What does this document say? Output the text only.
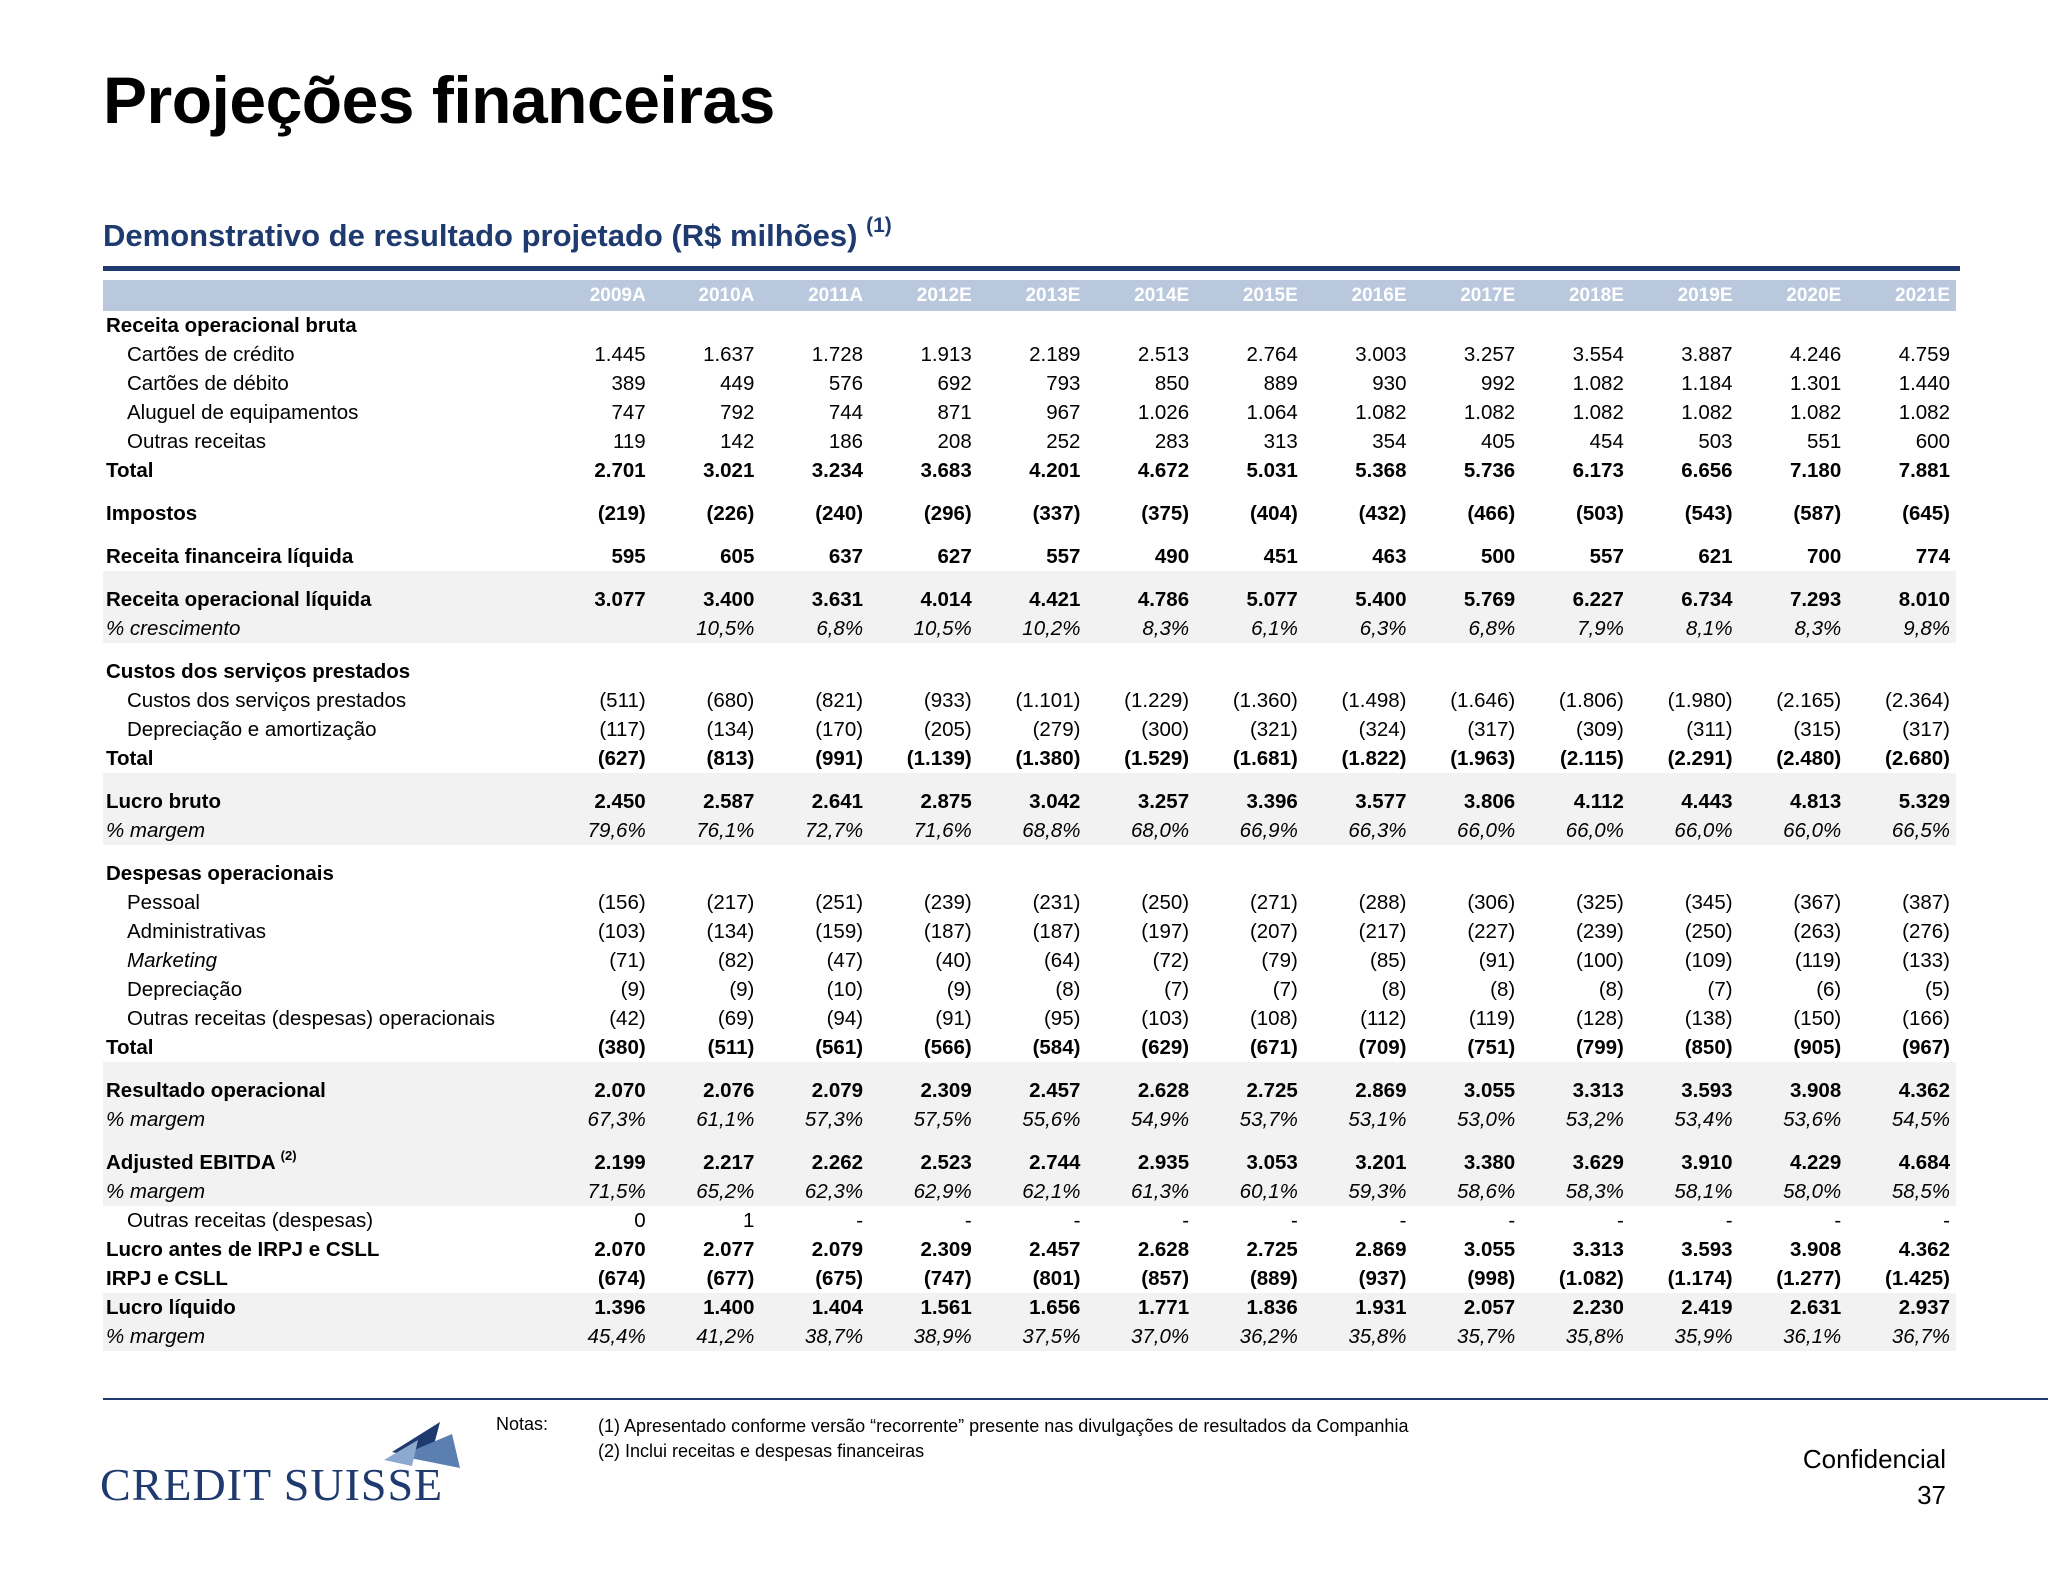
Projeções financeiras
Demonstrativo de resultado projetado (R$ milhões) $^{(1)}$
	2009A	2010A	2011A	2012E	2013E	2014E	2015E	2016E	2017E	2018E	2019E	2020E	2021E
Receita operacional bruta													
Cartões de crédito	1.445	1.637	1.728	1.913	2.189	2.513	2.764	3.003	3.257	3.554	3.887	4.246	4.759
Cartões de débito	389	449	576	692	793	850	889	930	992	1.082	1.184	1.301	1.440
Aluguel de equipamentos	747	792	744	871	967	1.026	1.064	1.082	1.082	1.082	1.082	1.082	1.082
Outras receitas	119	142	186	208	252	283	313	354	405	454	503	551	600
Total	2.701	3.021	3.234	3.683	4.201	4.672	5.031	5.368	5.736	6.173	6.656	7.180	7.881
Impostos	(219)	(226)	(240)	(296)	(337)	(375)	(404)	(432)	(466)	(503)	(543)	(587)	(645)
Receita financeira líquida	595	605	637	627	557	490	451	463	500	557	621	700	774
Receita operacional líquida	3.077	3.400	3.631	4.014	4.421	4.786	5.077	5.400	5.769	6.227	6.734	7.293	8.010
% crescimento		10,5%	6,8%	10,5%	10,2%	8,3%	6,1%	6,3%	6,8%	7,9%	8,1%	8,3%	9,8%
Custos dos serviços prestados													
Custos dos serviços prestados	(511)	(680)	(821)	(933)	(1.101)	(1.229)	(1.360)	(1.498)	(1.646)	(1.806)	(1.980)	(2.165)	(2.364)
Depreciação e amortização	(117)	(134)	(170)	(205)	(279)	(300)	(321)	(324)	(317)	(309)	(311)	(315)	(317)
Total	(627)	(813)	(991)	(1.139)	(1.380)	(1.529)	(1.681)	(1.822)	(1.963)	(2.115)	(2.291)	(2.480)	(2.680)
Lucro bruto	2.450	2.587	2.641	2.875	3.042	3.257	3.396	3.577	3.806	4.112	4.443	4.813	5.329
% margem	79,6%	76,1%	72,7%	71,6%	68,8%	68,0%	66,9%	66,3%	66,0%	66,0%	66,0%	66,0%	66,5%
Despesas operacionais													
Pessoal	(156)	(217)	(251)	(239)	(231)	(250)	(271)	(288)	(306)	(325)	(345)	(367)	(387)
Administrativas	(103)	(134)	(159)	(187)	(187)	(197)	(207)	(217)	(227)	(239)	(250)	(263)	(276)
Marketing	(71)	(82)	(47)	(40)	(64)	(72)	(79)	(85)	(91)	(100)	(109)	(119)	(133)
Depreciação	(9)	(9)	(10)	(9)	(8)	(7)	(7)	(8)	(8)	(8)	(7)	(6)	(5)
Outras receitas (despesas) operacionais	(42)	(69)	(94)	(91)	(95)	(103)	(108)	(112)	(119)	(128)	(138)	(150)	(166)
Total	(380)	(511)	(561)	(566)	(584)	(629)	(671)	(709)	(751)	(799)	(850)	(905)	(967)
Resultado operacional	2.070	2.076	2.079	2.309	2.457	2.628	2.725	2.869	3.055	3.313	3.593	3.908	4.362
% margem	67,3%	61,1%	57,3%	57,5%	55,6%	54,9%	53,7%	53,1%	53,0%	53,2%	53,4%	53,6%	54,5%
Adjusted EBITDA $^{(2)}$	2.199	2.217	2.262	2.523	2.744	2.935	3.053	3.201	3.380	3.629	3.910	4.229	4.684
% margem	71,5%	65,2%	62,3%	62,9%	62,1%	61,3%	60,1%	59,3%	58,6%	58,3%	58,1%	58,0%	58,5%
Outras receitas (despesas)	0	1	-	-	-	-	-	-	-	-	-	-	-
Lucro antes de IRPJ e CSLL	2.070	2.077	2.079	2.309	2.457	2.628	2.725	2.869	3.055	3.313	3.593	3.908	4.362
IRPJ e CSLL	(674)	(677)	(675)	(747)	(801)	(857)	(889)	(937)	(998)	(1.082)	(1.174)	(1.277)	(1.425)
Lucro líquido	1.396	1.400	1.404	1.561	1.656	1.771	1.836	1.931	2.057	2.230	2.419	2.631	2.937
% margem	45,4%	41,2%	38,7%	38,9%	37,5%	37,0%	36,2%	35,8%	35,7%	35,8%	35,9%	36,1%	36,7%
Notas:	(1) Apresentado conforme versão “recorrente” presente nas divulgações de resultados da Companhia
(2) Inclui receitas e despesas financeiras
CREDIT SUISSE	Confidencial
37
